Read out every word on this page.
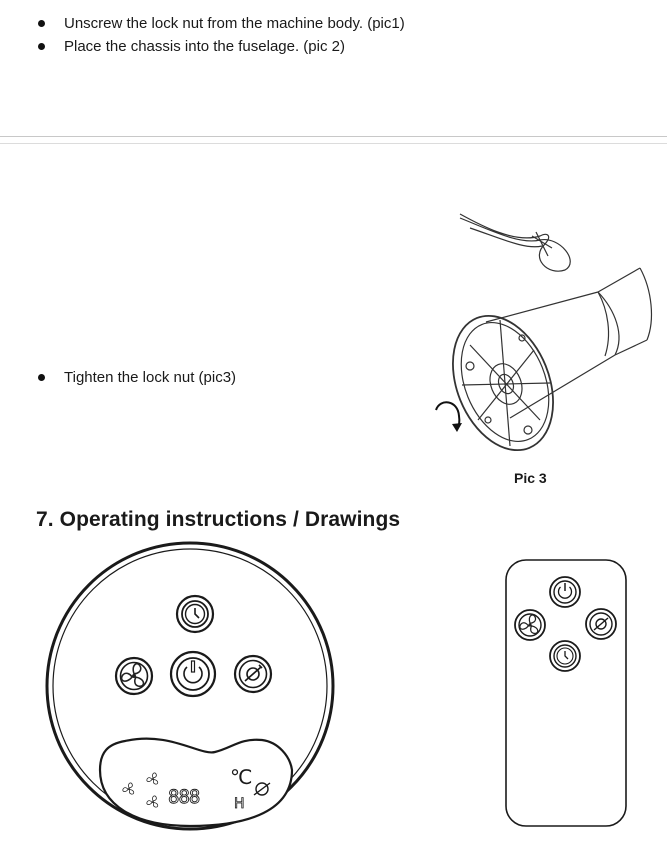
Unscrew the lock nut from the machine body. (pic1)
Place the chassis into the fuselage. (pic 2)
Tighten the lock nut (pic3)
Pic 3
7. Operating instructions / Drawings
888
℃
H
